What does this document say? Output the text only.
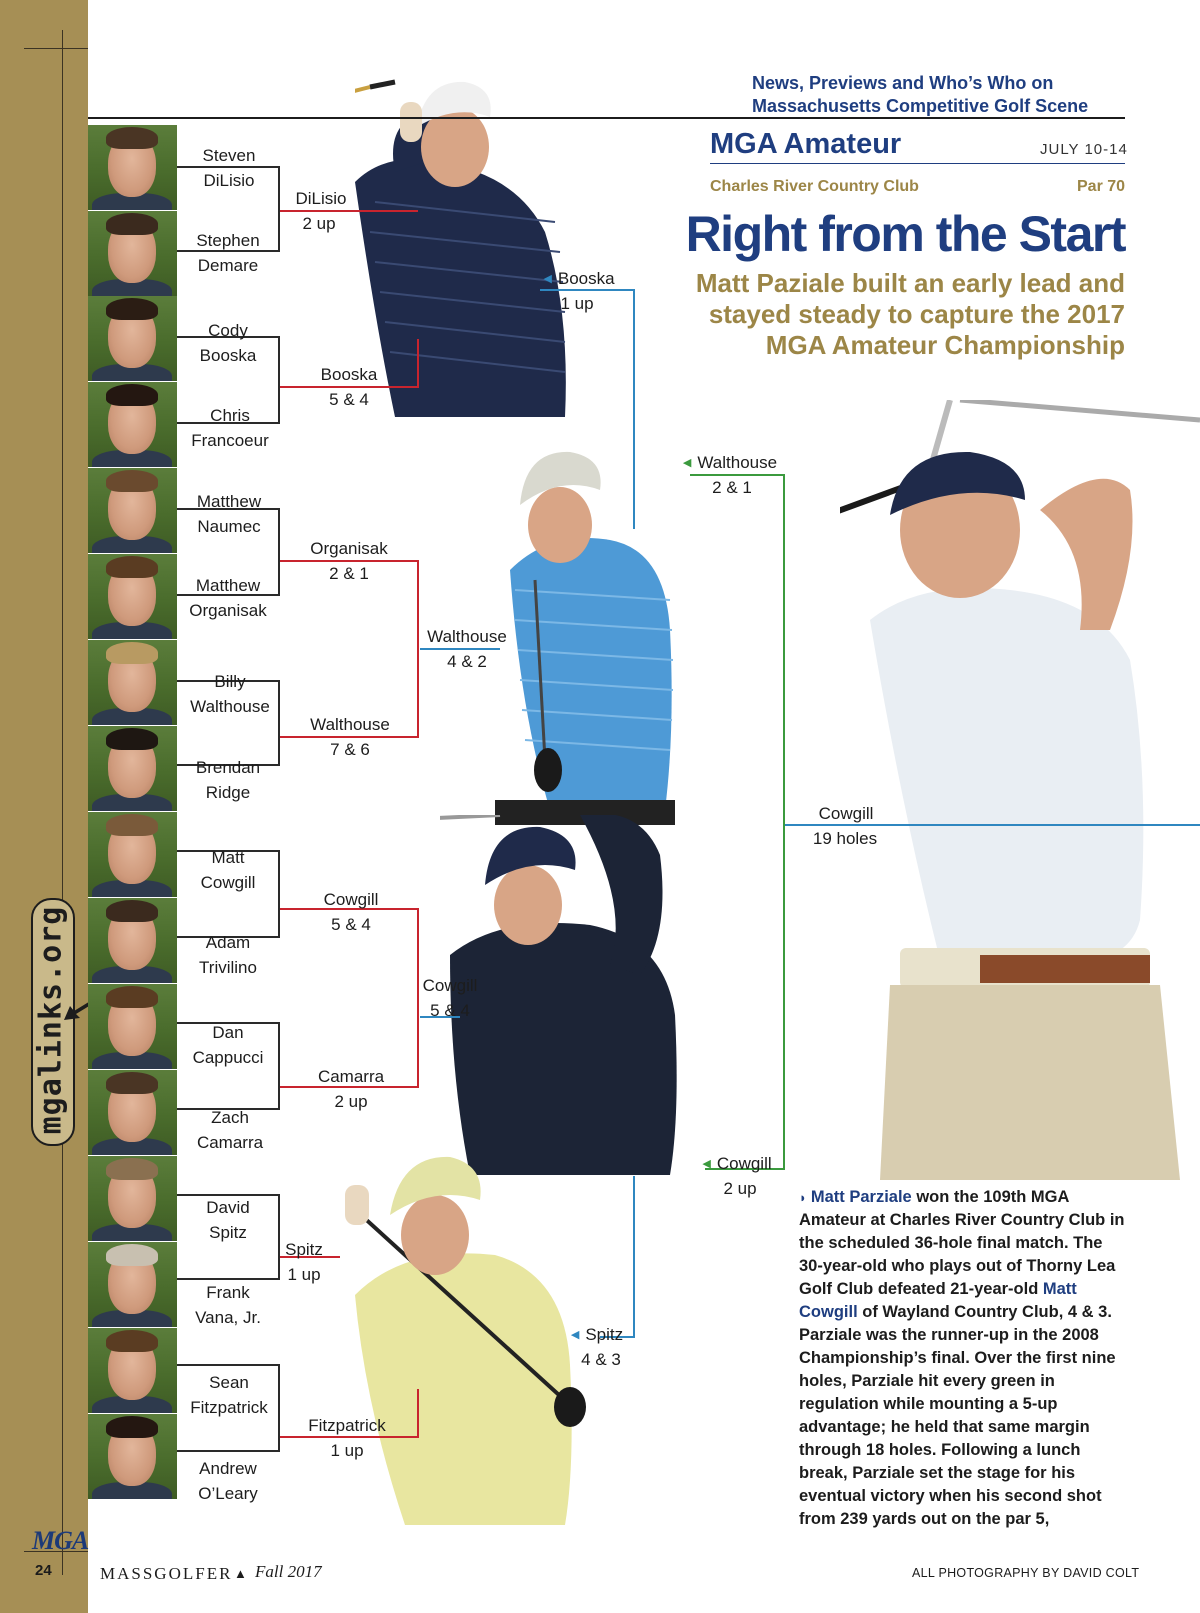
mgalinks.org
MGA
24
Steven
DiLisio
Stephen
Demare
Cody
Booska
Chris
Francoeur
Matthew
Naumec
Matthew
Organisak
Billy
Walthouse
Brendan
Ridge
Matt
Cowgill
Adam
Trivilino
Dan
Cappucci
Zach
Camarra
David
Spitz
Frank
Vana, Jr.
Sean
Fitzpatrick
Andrew
O’Leary
DiLisio
2 up
Booska
5 & 4
Organisak
2 & 1
Walthouse
7 & 6
Cowgill
5 & 4
Camarra
2 up
Spitz
1 up
Fitzpatrick
1 up
◀ Booska
1 up
Walthouse
4 & 2
Cowgill
5 & 4
◀ Spitz
4 & 3
◀ Walthouse
2 & 1
◀ Cowgill
2 up
Cowgill
19 holes
News, Previews and Who’s Who on
Massachusetts Competitive Golf Scene
MGA Amateur	JULY 10-14
Charles River Country Club	Par 70
Right from the Start
Matt Paziale built an early lead and stayed steady to capture the 2017 MGA Amateur Championship
◗ Matt Parziale won the 109th MGA Amateur at Charles River Country Club in the scheduled 36-hole final match. The 30-year-old who plays out of Thorny Lea Golf Club defeated 21-year-old Matt Cowgill of Wayland Country Club, 4 & 3. Parziale was the runner-up in the 2008 Championship’s final. Over the first nine holes, Parziale hit every green in regulation while mounting a 5-up advantage; he held that same margin through 18 holes. Following a lunch break, Parziale set the stage for his eventual victory when his second shot from 239 yards out on the par 5,
MASSGOLFER ▲ Fall 2017	ALL PHOTOGRAPHY BY DAVID COLT
